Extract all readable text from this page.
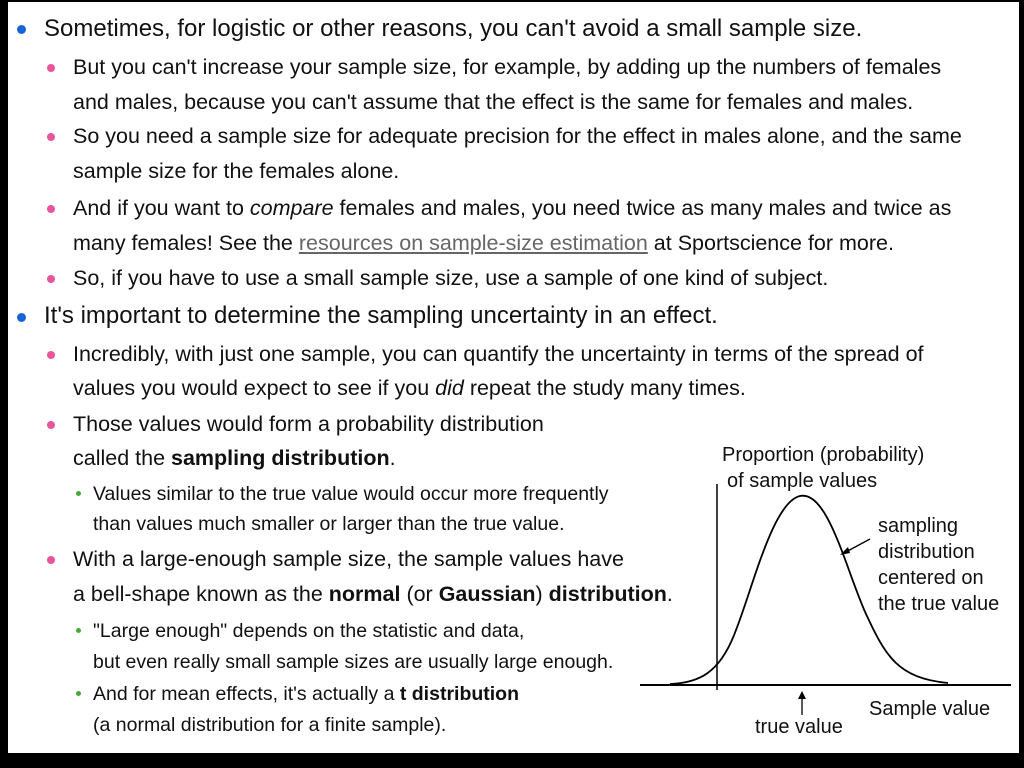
Sometimes, for logistic or other reasons, you can't avoid a small sample size.
But you can't increase your sample size, for example, by adding up the numbers of females
and males, because you can't assume that the effect is the same for females and males.
So you need a sample size for adequate precision for the effect in males alone, and the same
sample size for the females alone.
And if you want to compare females and males, you need twice as many males and twice as
many females! See the resources on sample-size estimation at Sportscience for more.
So, if you have to use a small sample size, use a sample of one kind of subject.
It's important to determine the sampling uncertainty in an effect.
Incredibly, with just one sample, you can quantify the uncertainty in terms of the spread of
values you would expect to see if you did repeat the study many times.
Those values would form a probability distribution
called the sampling distribution.
Values similar to the true value would occur more frequently
than values much smaller or larger than the true value.
With a large-enough sample size, the sample values have
a bell-shape known as the normal (or Gaussian) distribution.
"Large enough" depends on the statistic and data,
but even really small sample sizes are usually large enough.
And for mean effects, it's actually a t distribution
(a normal distribution for a finite sample).
Proportion (probability)
of sample values
sampling
distribution
centered on
the true value
Sample value
true value
